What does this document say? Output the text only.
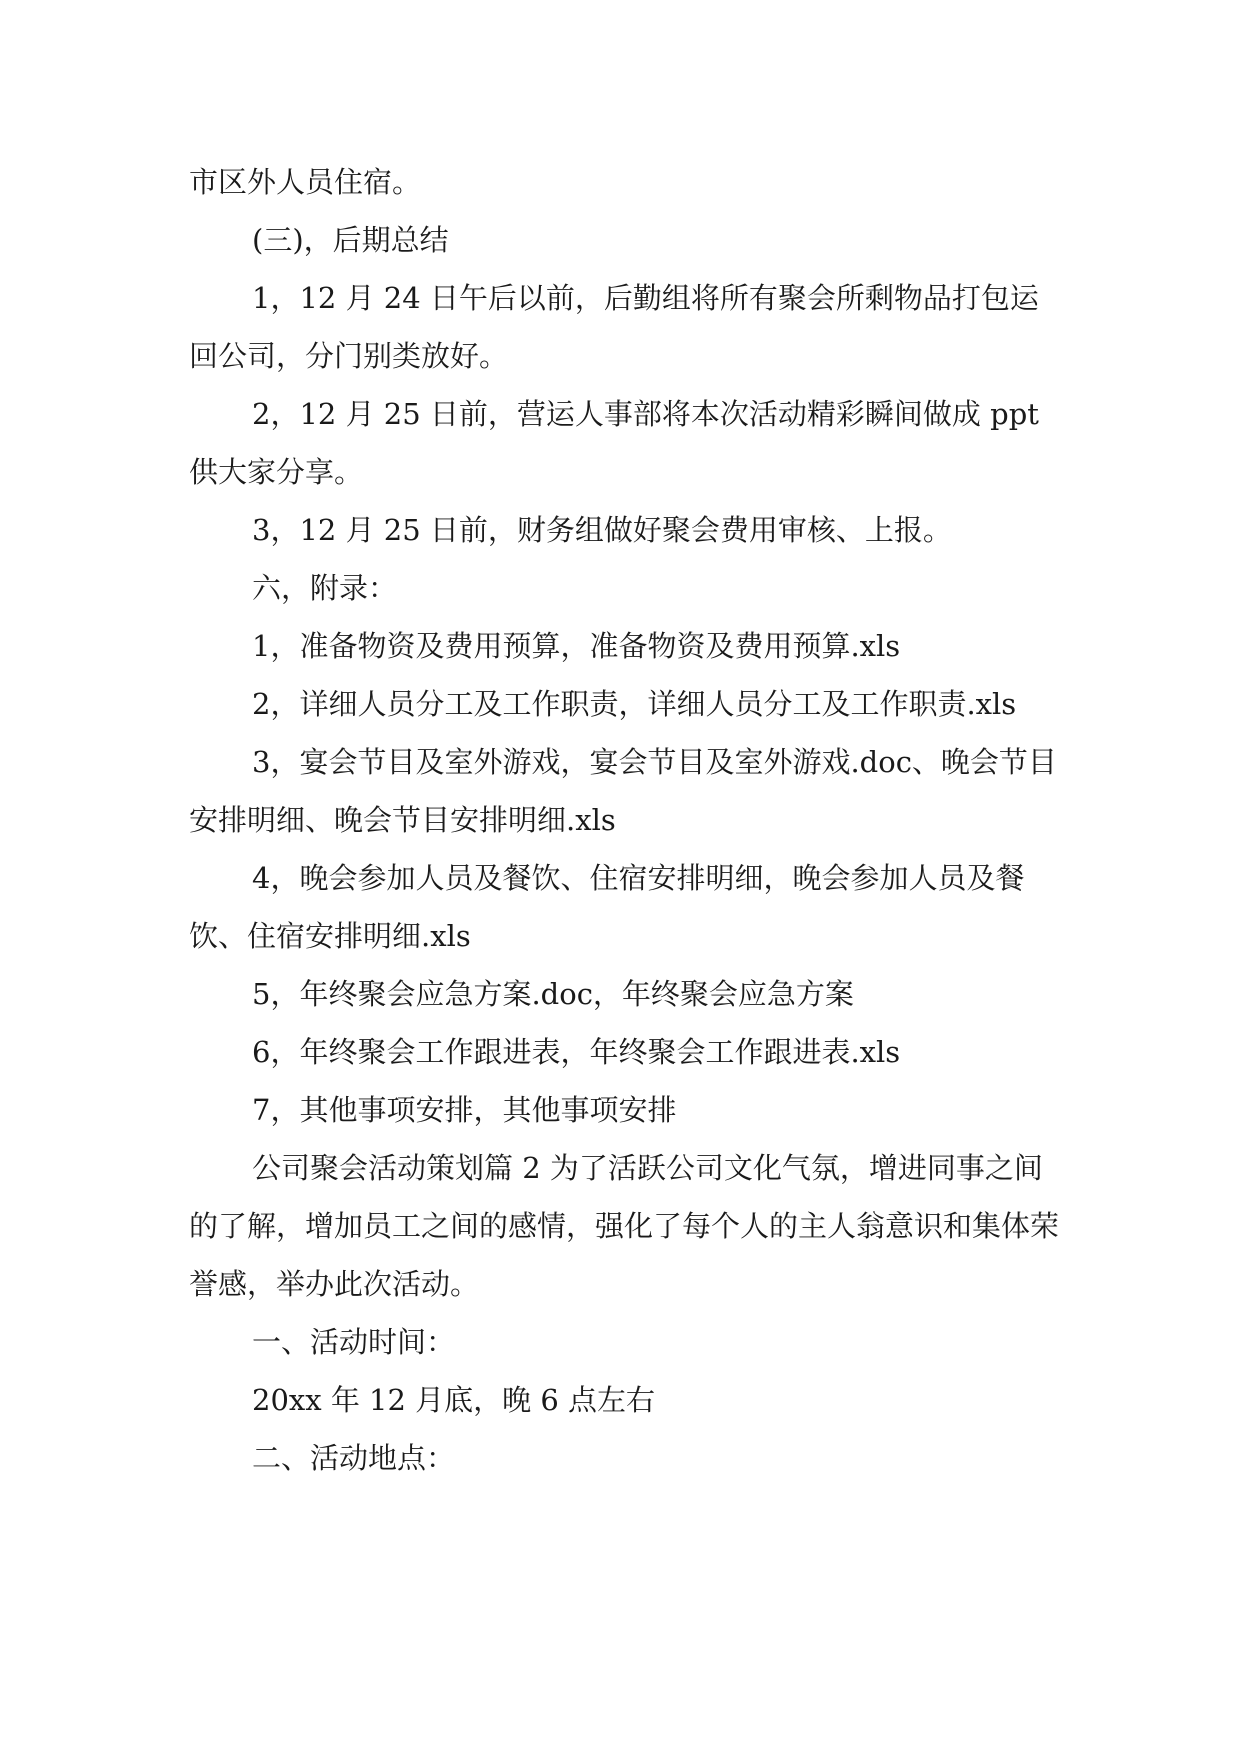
市区外人员住宿。

(三)，后期总结

1，12 月 24 日午后以前，后勤组将所有聚会所剩物品打包运回公司，分门别类放好。

2，12 月 25 日前，营运人事部将本次活动精彩瞬间做成 ppt 供大家分享。

3，12 月 25 日前，财务组做好聚会费用审核、上报。

六，附录：

1，准备物资及费用预算，准备物资及费用预算.xls

2，详细人员分工及工作职责，详细人员分工及工作职责.xls

3，宴会节目及室外游戏，宴会节目及室外游戏.doc、晚会节目安排明细、晚会节目安排明细.xls

4，晚会参加人员及餐饮、住宿安排明细，晚会参加人员及餐饮、住宿安排明细.xls

5，年终聚会应急方案.doc，年终聚会应急方案

6，年终聚会工作跟进表，年终聚会工作跟进表.xls

7，其他事项安排，其他事项安排

公司聚会活动策划篇 2 为了活跃公司文化气氛，增进同事之间的了解，增加员工之间的感情，强化了每个人的主人翁意识和集体荣誉感，举办此次活动。

一、活动时间：

20xx 年 12 月底，晚 6 点左右

二、活动地点：
